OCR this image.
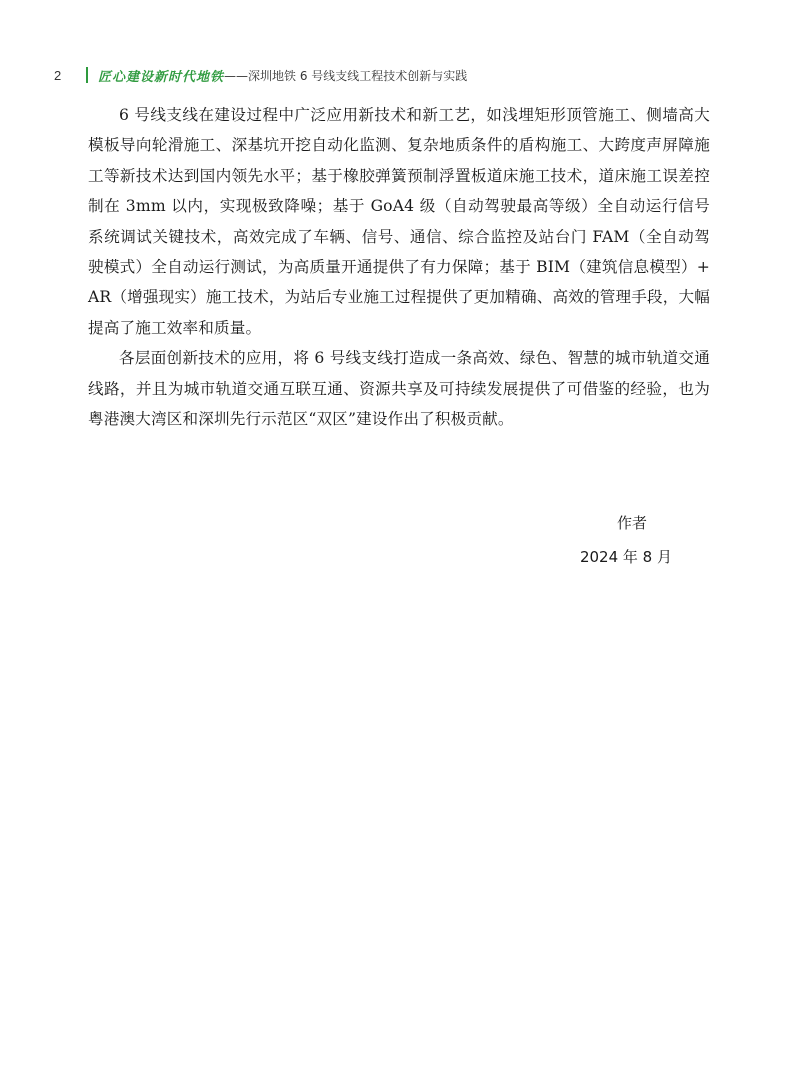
2	匠心建设新时代地铁 ——深圳地铁 6 号线支线工程技术创新与实践

6 号线支线在建设过程中广泛应用新技术和新工艺，如浅埋矩形顶管施工、侧墙高大模板导向轮滑施工、深基坑开挖自动化监测、复杂地质条件的盾构施工、大跨度声屏障施工等新技术达到国内领先水平；基于橡胶弹簧预制浮置板道床施工技术，道床施工误差控制在 3mm 以内，实现极致降噪；基于 GoA4 级（自动驾驶最高等级）全自动运行信号系统调试关键技术，高效完成了车辆、信号、通信、综合监控及站台门 FAM（全自动驾驶模式）全自动运行测试，为高质量开通提供了有力保障；基于 BIM（建筑信息模型）+ AR（增强现实）施工技术，为站后专业施工过程提供了更加精确、高效的管理手段，大幅提高了施工效率和质量。

各层面创新技术的应用，将 6 号线支线打造成一条高效、绿色、智慧的城市轨道交通线路，并且为城市轨道交通互联互通、资源共享及可持续发展提供了可借鉴的经验，也为粤港澳大湾区和深圳先行示范区“双区”建设作出了积极贡献。

作者
2024 年 8 月
